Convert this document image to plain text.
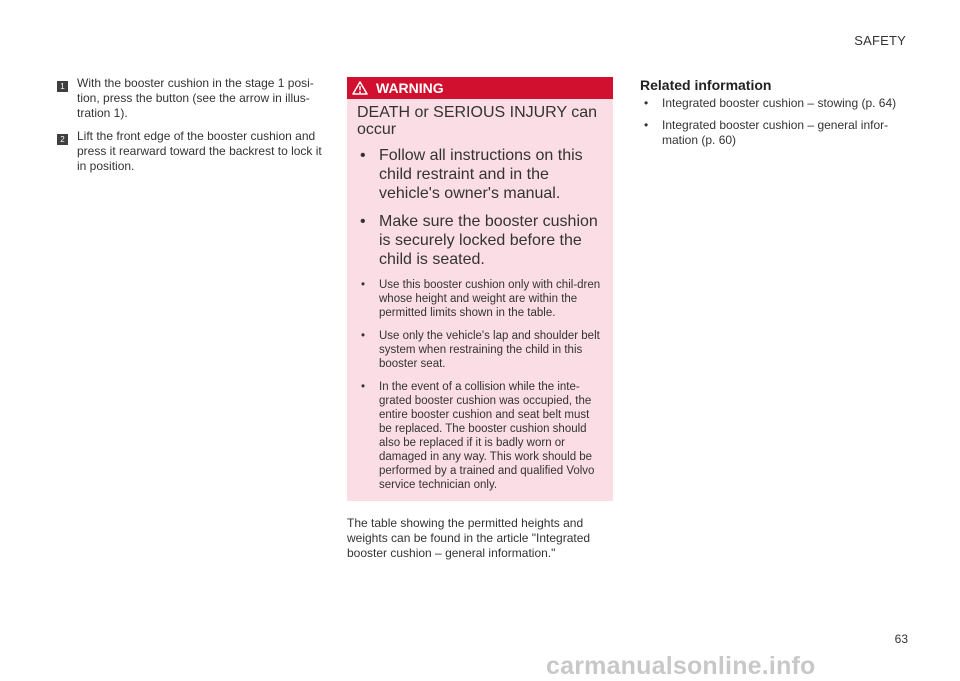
SAFETY
1 With the booster cushion in the stage 1 posi-tion, press the button (see the arrow in illus-tration 1).
2 Lift the front edge of the booster cushion and press it rearward toward the backrest to lock it in position.
WARNING

DEATH or SERIOUS INJURY can occur

• Follow all instructions on this child restraint and in the vehicle's owner's manual.
• Make sure the booster cushion is securely locked before the child is seated.
• Use this booster cushion only with chil-dren whose height and weight are within the permitted limits shown in the table.
• Use only the vehicle's lap and shoulder belt system when restraining the child in this booster seat.
• In the event of a collision while the inte-grated booster cushion was occupied, the entire booster cushion and seat belt must be replaced. The booster cushion should also be replaced if it is badly worn or damaged in any way. This work should be performed by a trained and qualified Volvo service technician only.
The table showing the permitted heights and weights can be found in the article "Integrated booster cushion – general information."
Related information
• Integrated booster cushion – stowing (p. 64)
• Integrated booster cushion – general infor-mation (p. 60)
63
carmanualsonline.info
